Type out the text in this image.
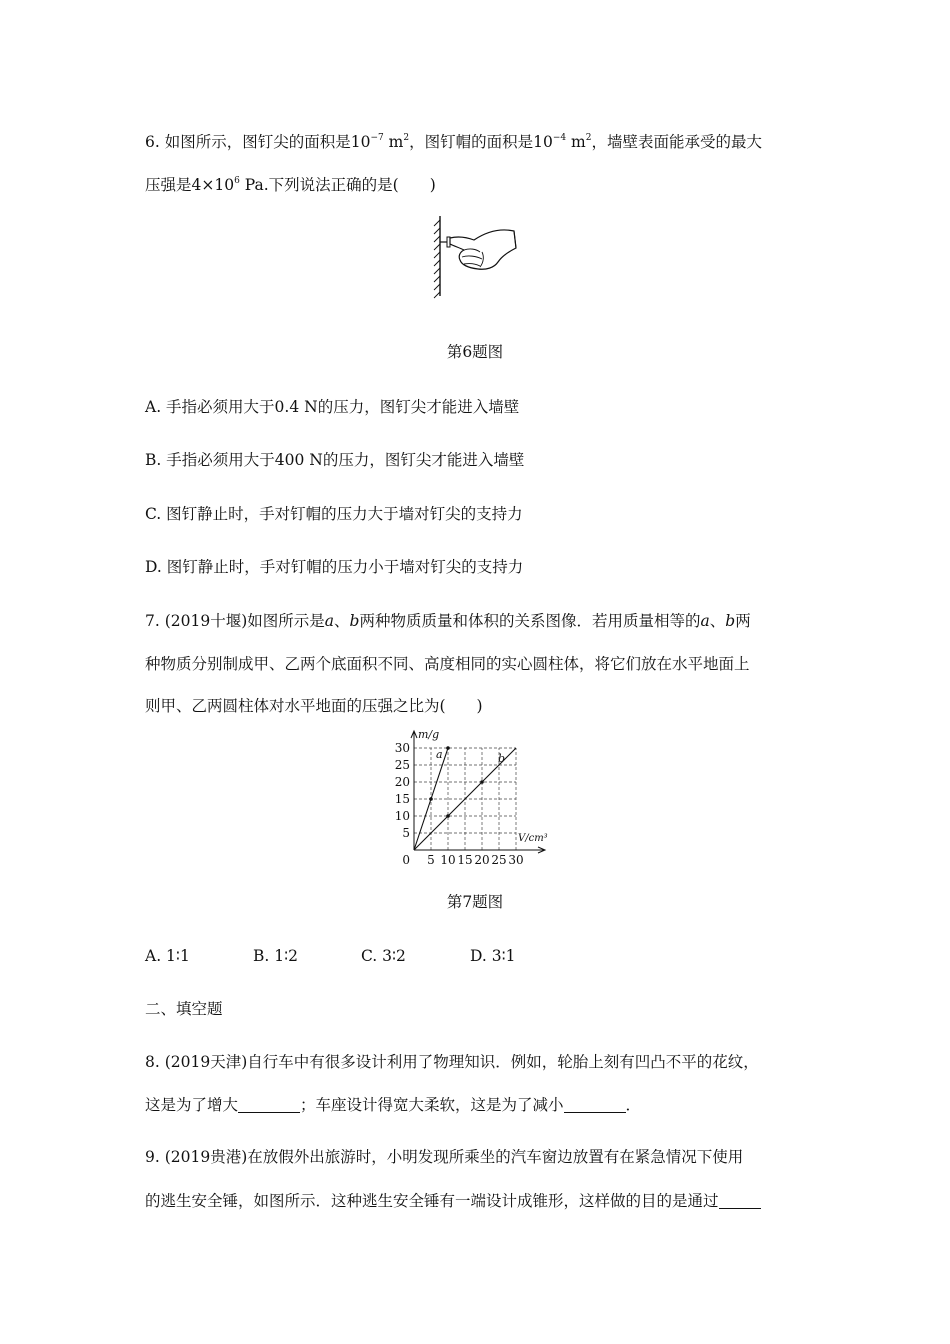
6. 如图所示，图钉尖的面积是$10^{-7}$ $m^2$，图钉帽的面积是$10^{-4}$ $m^2$，墙壁表面能承受的最大
压强是$4\times 10^6$ Pa.下列说法正确的是(　　)
第6题图
A. 手指必须用大于0.4 N的压力，图钉尖才能进入墙壁
B. 手指必须用大于400 N的压力，图钉尖才能进入墙壁
C. 图钉静止时，手对钉帽的压力大于墙对钉尖的支持力
D. 图钉静止时，手对钉帽的压力小于墙对钉尖的支持力
7. (2019十堰)如图所示是a、b两种物质质量和体积的关系图像．若用质量相等的a、b两
种物质分别制成甲、乙两个底面积不同、高度相同的实心圆柱体，将它们放在水平地面上
则甲、乙两圆柱体对水平地面的压强之比为(　　)
m/g
V/cm³
a	b
5
10
15
20
25
30
0 5 10 15 20 25 30
第7题图
A. 1∶1	B. 1∶2	C. 3∶2	D. 3∶1
二、填空题
8. (2019天津)自行车中有很多设计利用了物理知识．例如，轮胎上刻有凹凸不平的花纹，
这是为了增大	；车座设计得宽大柔软，这是为了减小	．
9. (2019贵港)在放假外出旅游时，小明发现所乘坐的汽车窗边放置有在紧急情况下使用
的逃生安全锤，如图所示．这种逃生安全锤有一端设计成锥形，这样做的目的是通过
